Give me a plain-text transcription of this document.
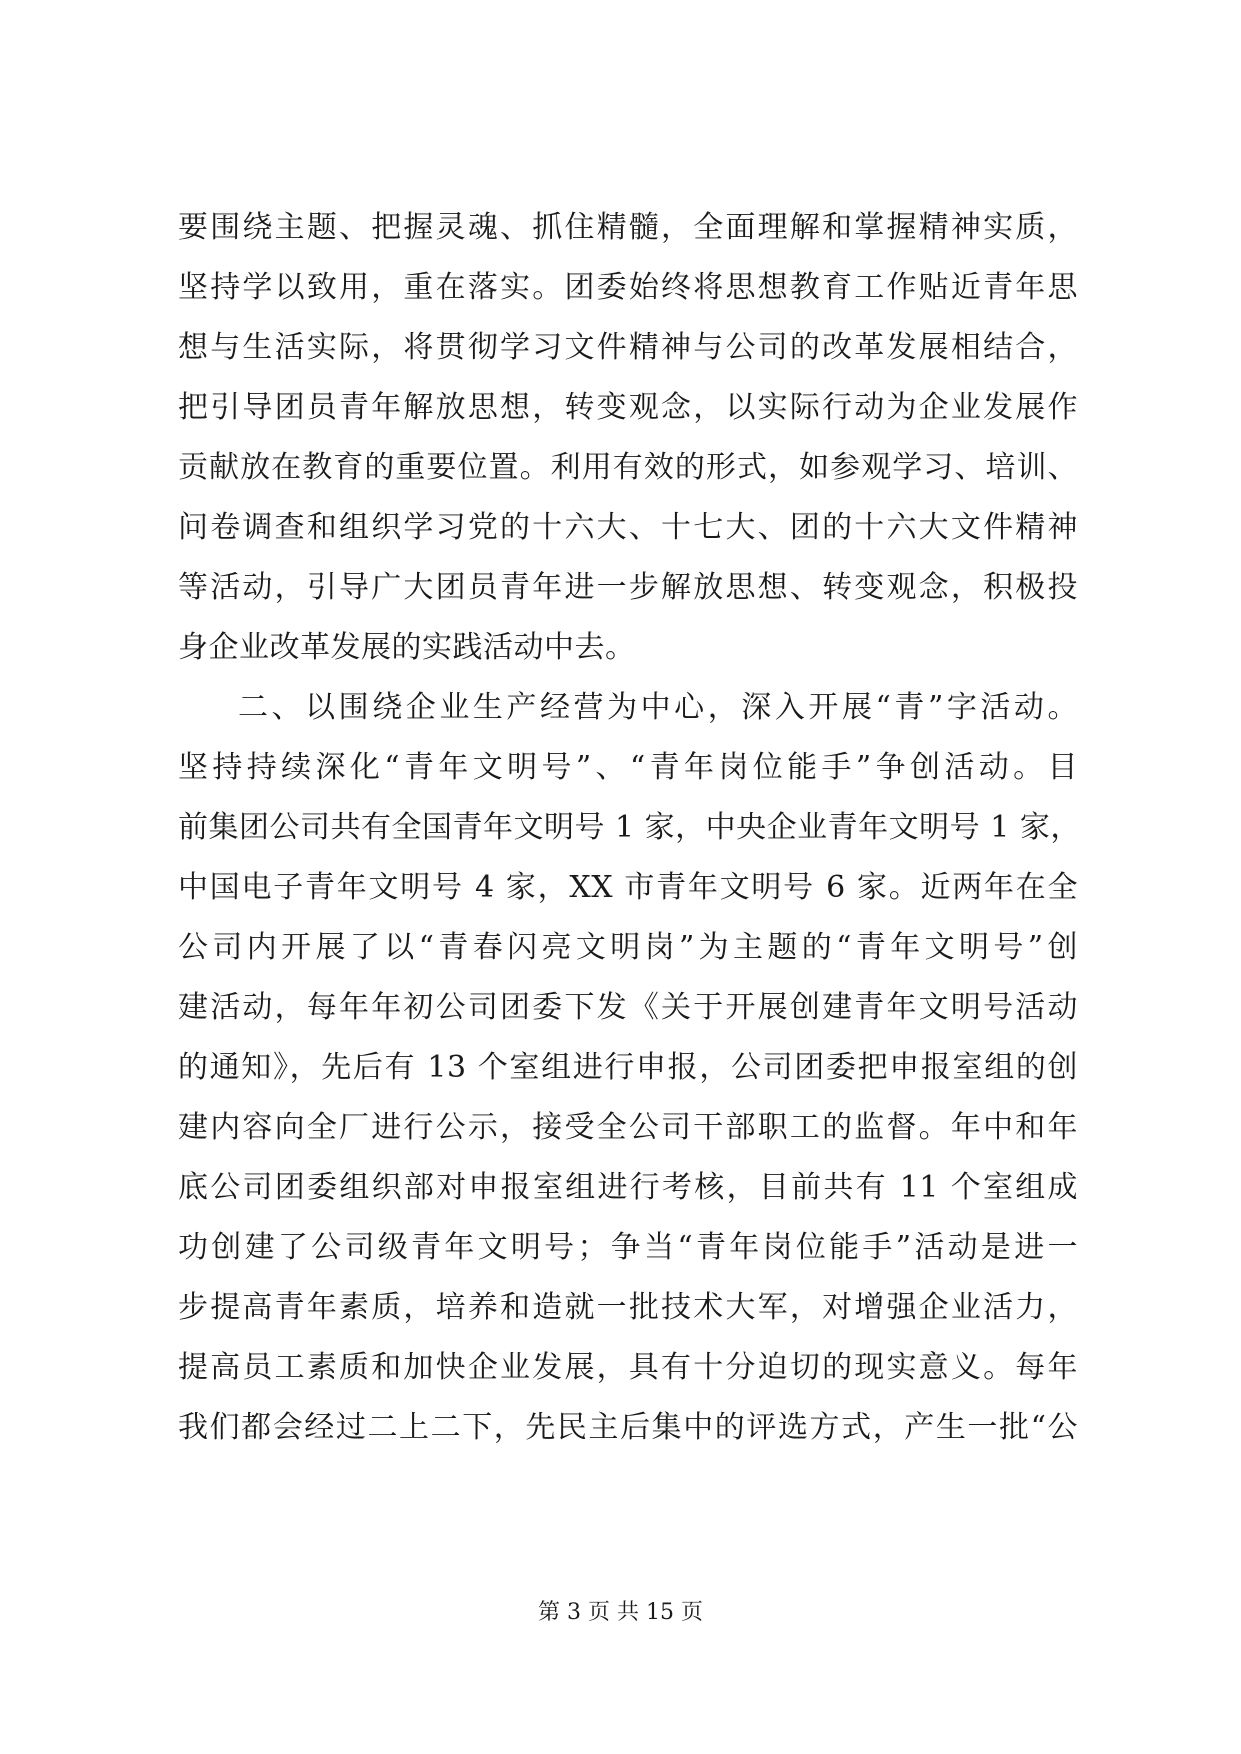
要围绕主题、把握灵魂、抓住精髓，全面理解和掌握精神实质，
坚持学以致用，重在落实。团委始终将思想教育工作贴近青年思
想与生活实际，将贯彻学习文件精神与公司的改革发展相结合，
把引导团员青年解放思想，转变观念，以实际行动为企业发展作
贡献放在教育的重要位置。利用有效的形式，如参观学习、培训、
问卷调查和组织学习党的十六大、十七大、团的十六大文件精神
等活动，引导广大团员青年进一步解放思想、转变观念，积极投
身企业改革发展的实践活动中去。
二、以围绕企业生产经营为中心，深入开展“青”字活动。
坚持持续深化“青年文明号”、“青年岗位能手”争创活动。目
前集团公司共有全国青年文明号 1 家，中央企业青年文明号 1 家，
中国电子青年文明号 4 家，XX 市青年文明号 6 家。近两年在全
公司内开展了以“青春闪亮文明岗”为主题的“青年文明号”创
建活动，每年年初公司团委下发《关于开展创建青年文明号活动
的通知》，先后有 13 个室组进行申报，公司团委把申报室组的创
建内容向全厂进行公示，接受全公司干部职工的监督。年中和年
底公司团委组织部对申报室组进行考核，目前共有 11 个室组成
功创建了公司级青年文明号；争当“青年岗位能手”活动是进一
步提高青年素质，培养和造就一批技术大军，对增强企业活力，
提高员工素质和加快企业发展，具有十分迫切的现实意义。每年
我们都会经过二上二下，先民主后集中的评选方式，产生一批“公
第 3 页 共 15 页
